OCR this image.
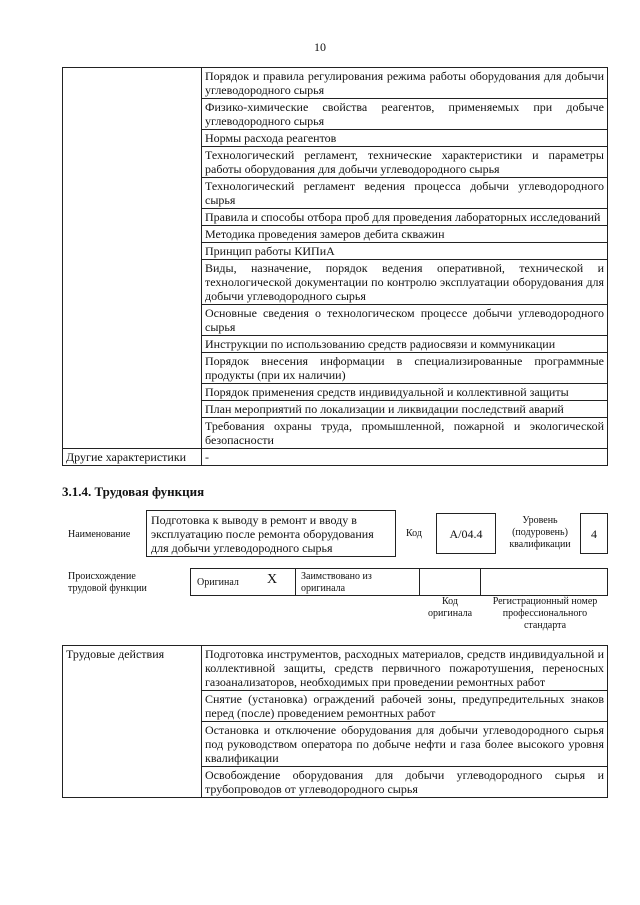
10
	Порядок и правила регулирования режима работы оборудования для добычи углеводородного сырья
	Физико-химические свойства реагентов, применяемых при добыче углеводородного сырья
	Нормы расхода реагентов
	Технологический регламент, технические характеристики и параметры работы оборудования для добычи углеводородного сырья
	Технологический регламент ведения процесса добычи углеводородного сырья
	Правила и способы отбора проб для проведения лабораторных исследований
	Методика проведения замеров дебита скважин
	Принцип работы КИПиА
	Виды, назначение, порядок ведения оперативной, технической и технологической документации по контролю эксплуатации оборудования для добычи углеводородного сырья
	Основные сведения о технологическом процессе добычи углеводородного сырья
	Инструкции по использованию средств радиосвязи и коммуникации
	Порядок внесения информации в специализированные программные продукты (при их наличии)
	Порядок применения средств индивидуальной и коллективной защиты
	План мероприятий по локализации и ликвидации последствий аварий
	Требования охраны труда, промышленной, пожарной и экологической безопасности
Другие характеристики	-
3.1.4. Трудовая функция
Наименование
Подготовка к выводу в ремонт и вводу в эксплуатацию после ремонта оборудования для добычи углеводородного сырья
Код	А/04.4
Уровень (подуровень) квалификации
4
Происхождение трудовой функции
Оригинал X Заимствовано из оригинала
Код оригинала
Регистрационный номер профессионального стандарта
Трудовые действия	Подготовка инструментов, расходных материалов, средств индивидуальной и коллективной защиты, средств первичного пожаротушения, переносных газоанализаторов, необходимых при проведении ремонтных работ
Снятие (установка) ограждений рабочей зоны, предупредительных знаков перед (после) проведением ремонтных работ
Остановка и отключение оборудования для добычи углеводородного сырья под руководством оператора по добыче нефти и газа более высокого уровня квалификации
Освобождение оборудования для добычи углеводородного сырья и трубопроводов от углеводородного сырья
